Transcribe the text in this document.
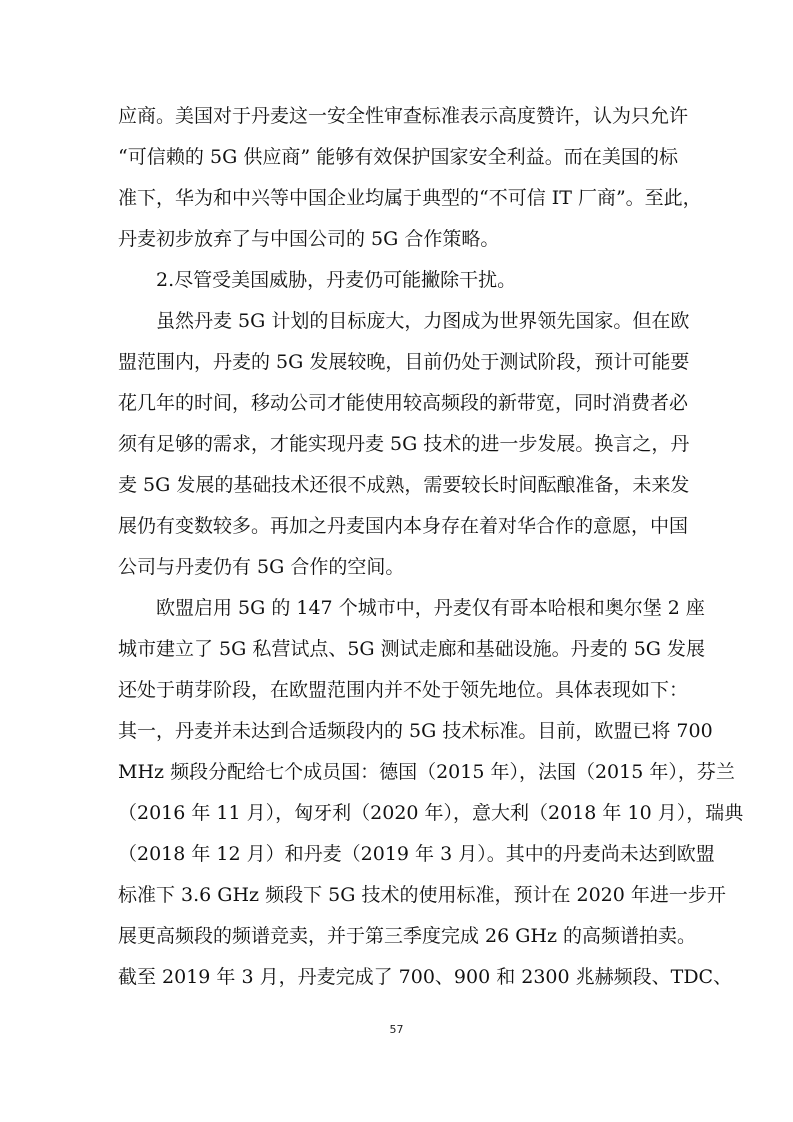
应商。美国对于丹麦这一安全性审查标准表示高度赞许，认为只允许
“可信赖的 5G 供应商” 能够有效保护国家安全利益。而在美国的标
准下，华为和中兴等中国企业均属于典型的“不可信 IT 厂商”。至此，
丹麦初步放弃了与中国公司的 5G 合作策略。
2.尽管受美国威胁，丹麦仍可能撇除干扰。
虽然丹麦 5G 计划的目标庞大，力图成为世界领先国家。但在欧
盟范围内，丹麦的 5G 发展较晚，目前仍处于测试阶段，预计可能要
花几年的时间，移动公司才能使用较高频段的新带宽，同时消费者必
须有足够的需求，才能实现丹麦 5G 技术的进一步发展。换言之，丹
麦 5G 发展的基础技术还很不成熟，需要较长时间酝酿准备，未来发
展仍有变数较多。再加之丹麦国内本身存在着对华合作的意愿，中国
公司与丹麦仍有 5G 合作的空间。
欧盟启用 5G 的 147 个城市中，丹麦仅有哥本哈根和奥尔堡 2 座
城市建立了 5G 私营试点、5G 测试走廊和基础设施。丹麦的 5G 发展
还处于萌芽阶段，在欧盟范围内并不处于领先地位。具体表现如下：
其一，丹麦并未达到合适频段内的 5G 技术标准。目前，欧盟已将 700
MHz 频段分配给七个成员国：德国（2015 年），法国（2015 年），芬兰
（2016 年 11 月），匈牙利（2020 年），意大利（2018 年 10 月），瑞典
（2018 年 12 月）和丹麦（2019 年 3 月）。其中的丹麦尚未达到欧盟
标准下 3.6 GHz 频段下 5G 技术的使用标准，预计在 2020 年进一步开
展更高频段的频谱竞卖，并于第三季度完成 26 GHz 的高频谱拍卖。
截至 2019 年 3 月，丹麦完成了 700、900 和 2300 兆赫频段、TDC、
57
